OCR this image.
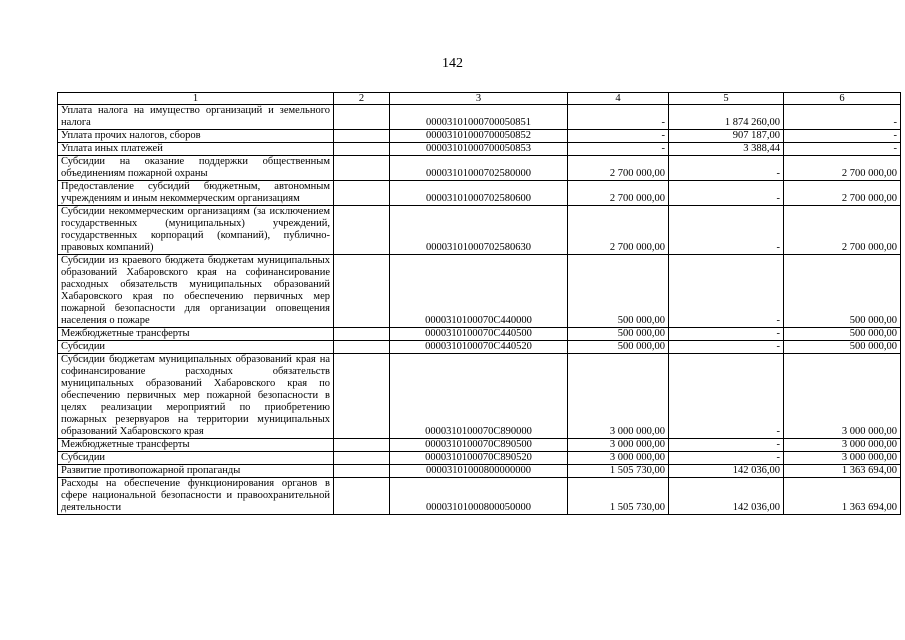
142
1	2	3	4	5	6
Уплата налога на имущество организаций и земельного налога		00003101000700050851	-	1 874 260,00	-
Уплата прочих налогов, сборов		00003101000700050852	-	907 187,00	-
Уплата иных платежей		00003101000700050853	-	3 388,44	-
Субсидии на оказание поддержки общественным объединениям пожарной охраны		00003101000702580000	2 700 000,00	-	2 700 000,00
Предоставление субсидий бюджетным, автономным учреждениям и иным некоммерческим организациям		00003101000702580600	2 700 000,00	-	2 700 000,00
Субсидии некоммерческим организациям (за исключением государственных (муниципальных) учреждений, государственных корпораций (компаний), публично-правовых компаний)		00003101000702580630	2 700 000,00	-	2 700 000,00
Субсидии из краевого бюджета бюджетам муниципальных образований Хабаровского края на софинансирование расходных обязательств муниципальных образований Хабаровского края по обеспечению первичных мер пожарной безопасности для организации оповещения населения о пожаре		0000310100070С440000	500 000,00	-	500 000,00
Межбюджетные трансферты		0000310100070С440500	500 000,00	-	500 000,00
Субсидии		0000310100070С440520	500 000,00	-	500 000,00
Субсидии бюджетам муниципальных образований края на софинансирование расходных обязательств муниципальных образований Хабаровского края по обеспечению первичных мер пожарной безопасности в целях реализации мероприятий по приобретению пожарных резервуаров на территории муниципальных образований Хабаровского края		0000310100070С890000	3 000 000,00	-	3 000 000,00
Межбюджетные трансферты		0000310100070С890500	3 000 000,00	-	3 000 000,00
Субсидии		0000310100070С890520	3 000 000,00	-	3 000 000,00
Развитие противопожарной пропаганды		00003101000800000000	1 505 730,00	142 036,00	1 363 694,00
Расходы на обеспечение функционирования органов в сфере национальной безопасности и правоохранительной деятельности		00003101000800050000	1 505 730,00	142 036,00	1 363 694,00
